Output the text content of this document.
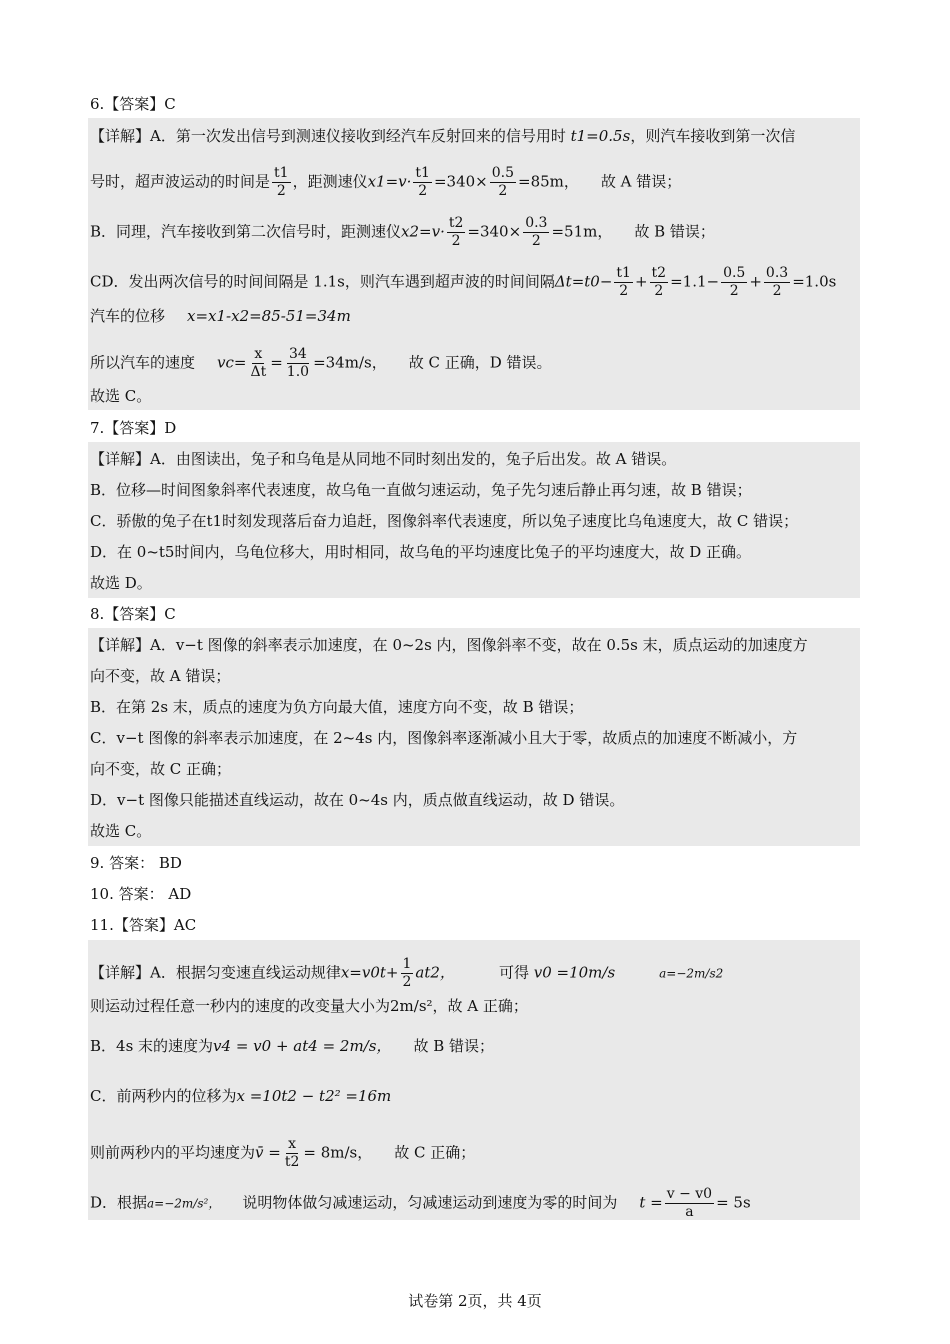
6.【答案】C
【详解】A．第一次发出信号到测速仪接收到经汽车反射回来的信号用时 t1=0.5s，则汽车接收到第一次信
号时，超声波运动的时间是 $\frac{t1}{2}$ ，距测速仪$x1=v\cdot \frac{t1}{2} =340\times \frac{0.5}{2} =85m$， 故 A 错误；
B．同理，汽车接收到第二次信号时，距测速仪$x2=v\cdot \frac{t2}{2} =340\times \frac{0.3}{2} =51m$， 故 B 错误；
CD．发出两次信号的时间间隔是 1.1s，则汽车遇到超声波的时间间隔$\Delta t=t0- \frac{t1}{2} + \frac{t2}{2} =1.1- \frac{0.5}{2} + \frac{0.3}{2} =1.0s$
汽车的位移 x=x1-x2=85-51=34m
所以汽车的速度 $vc= \frac{x}{\Delta t} = \frac{34}{1.0} =34m/s$， 故 C 正确，D 错误。
故选 C。
7.【答案】D
【详解】A．由图读出，兔子和乌龟是从同地不同时刻出发的，兔子后出发。故 A 错误。
B．位移—时间图象斜率代表速度，故乌龟一直做匀速运动，兔子先匀速后静止再匀速，故 B 错误；
C．骄傲的兔子在t1时刻发现落后奋力追赶，图像斜率代表速度，所以兔子速度比乌龟速度大，故 C 错误；
D．在 0~t5时间内，乌龟位移大，用时相同，故乌龟的平均速度比兔子的平均速度大，故 D 正确。
故选 D。
8.【答案】C
【详解】A．v−t 图像的斜率表示加速度，在 0~2s 内，图像斜率不变，故在 0.5s 末，质点运动的加速度方
向不变，故 A 错误；
B．在第 2s 末，质点的速度为负方向最大值，速度方向不变，故 B 错误；
C．v−t 图像的斜率表示加速度，在 2~4s 内，图像斜率逐渐减小且大于零，故质点的加速度不断减小，方
向不变，故 C 正确；
D．v−t 图像只能描述直线运动，故在 0~4s 内，质点做直线运动，故 D 错误。
故选 C。
9. 答案： BD
10. 答案： AD
11.【答案】AC
【详解】A．根据匀变速直线运动规律$x=v0t+ \frac{1}{2} at2$，	可得 v0 =10m/s	a=−2m/s2
则运动过程任意一秒内的速度的改变量大小为2m/s²，故 A 正确；
B．4s 末的速度为v4 = v0 + at4 = 2m/s， 故 B 错误；
C．前两秒内的位移为x =10t2 − t2² =16m
则前两秒内的平均速度为v̄ = $\frac{x}{t2} = 8m/s$， 故 C 正确；
D．根据a=−2m/s²， 说明物体做匀减速运动，匀减速运动到速度为零的时间为 $t = \frac{v - v0}{a} = 5s$
试卷第 2页，共 4页
